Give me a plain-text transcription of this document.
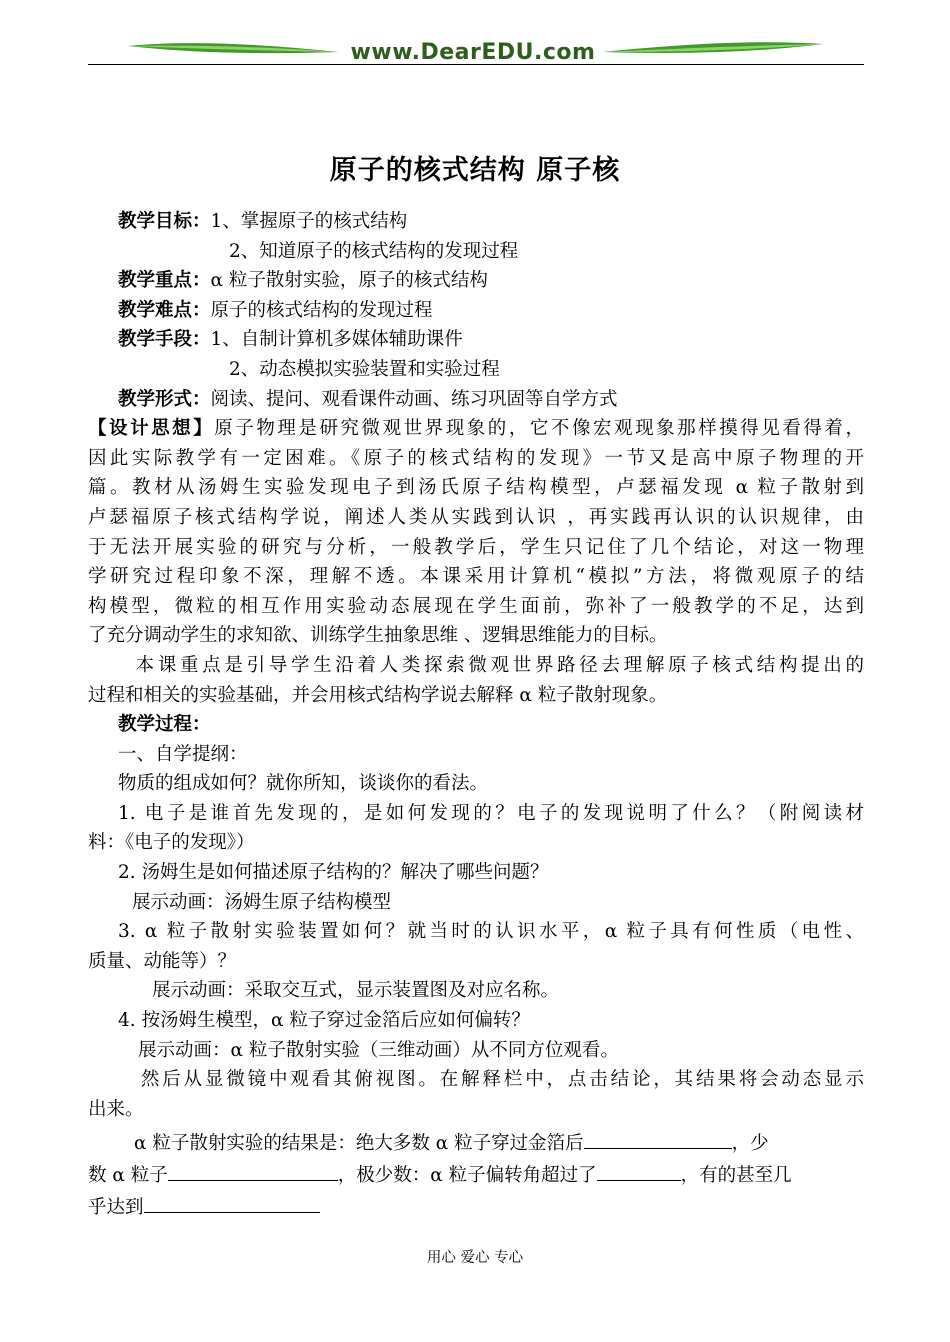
www.DearEDU.com
原子的核式结构 原子核
教学目标：1、掌握原子的核式结构
2、知道原子的核式结构的发现过程
教学重点：α 粒子散射实验，原子的核式结构
教学难点：原子的核式结构的发现过程
教学手段：1、自制计算机多媒体辅助课件
2、动态模拟实验装置和实验过程
教学形式：阅读、提问、观看课件动画、练习巩固等自学方式
【设计思想】原子物理是研究微观世界现象的，它不像宏观现象那样摸得见看得着，
因此实际教学有一定困难。《原子的核式结构的发现》一节又是高中原子物理的开
篇。教材从汤姆生实验发现电子到汤氏原子结构模型，卢瑟福发现 α 粒子散射到
卢瑟福原子核式结构学说，阐述人类从实践到认识 ，再实践再认识的认识规律，由
于无法开展实验的研究与分析，一般教学后，学生只记住了几个结论，对这一物理
学研究过程印象不深，理解不透。本课采用计算机“模拟”方法，将微观原子的结
构模型，微粒的相互作用实验动态展现在学生面前，弥补了一般教学的不足，达到
了充分调动学生的求知欲、训练学生抽象思维 、逻辑思维能力的目标。
本课重点是引导学生沿着人类探索微观世界路径去理解原子核式结构提出的
过程和相关的实验基础，并会用核式结构学说去解释 α 粒子散射现象。
教学过程：
一、自学提纲：
物质的组成如何？就你所知，谈谈你的看法。
1. 电子是谁首先发现的，是如何发现的？电子的发现说明了什么？（附阅读材
料：《电子的发现》）
2. 汤姆生是如何描述原子结构的？解决了哪些问题？
展示动画：汤姆生原子结构模型
3. α 粒子散射实验装置如何？就当时的认识水平，α 粒子具有何性质（电性、
质量、动能等）？
展示动画：采取交互式，显示装置图及对应名称。
4. 按汤姆生模型，α 粒子穿过金箔后应如何偏转？
展示动画：α 粒子散射实验（三维动画）从不同方位观看。
然后从显微镜中观看其俯视图。在解释栏中，点击结论，其结果将会动态显示
出来。
α 粒子散射实验的结果是：绝大多数 α 粒子穿过金箔后	，少
数 α 粒子	，极少数：α 粒子偏转角超过了	，有的甚至几
乎达到
用心 爱心 专心
